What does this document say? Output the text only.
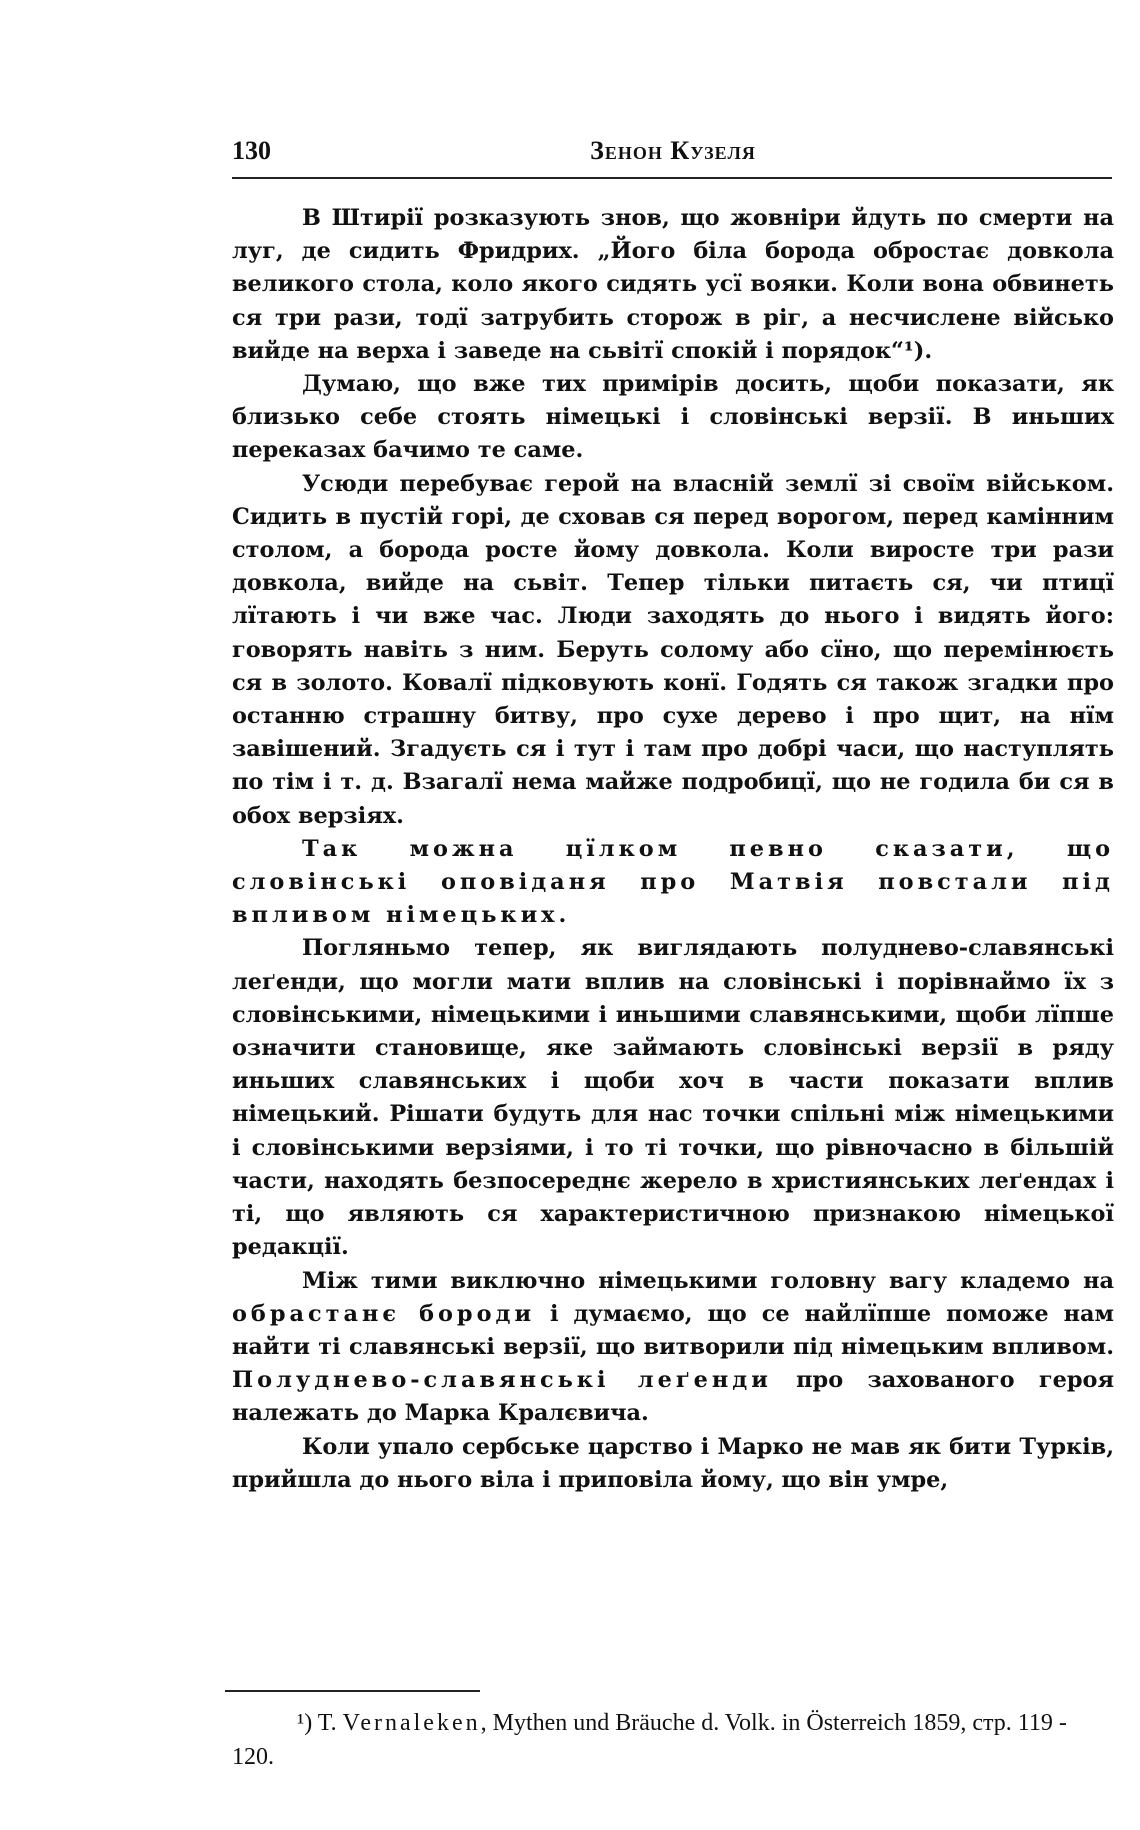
130	Зенон Кузеля

В Штирії розказують знов, що жовніри йдуть по смерти на луг, де сидить Фридрих. „Його біла борода обростає довкола великого стола, коло якого сидять усї вояки. Коли вона обвинеть ся три рази, тодї затрубить сторож в ріг, а несчислене військо вийде на верха і заведе на сьвітї спокій і порядок“¹).

Думаю, що вже тих примірів досить, щоби показати, як близько себе стоять німецькі і словінські верзії. В иньших переказах бачимо те саме.

Усюди перебуває герой на власній землї зі своїм військом. Сидить в пустій горі, де сховав ся перед ворогом, перед камінним столом, а борода росте йому довкола. Коли виросте три рази довкола, вийде на сьвіт. Тепер тільки питаєть ся, чи птицї лїтають і чи вже час. Люди заходять до нього і видять його: говорять навіть з ним. Беруть солому або сїно, що перемінюєть ся в золото. Ковалї підковують конї. Годять ся також згадки про останню страшну битву, про сухе дерево і про щит, на нїм завішений. Згадуєть ся і тут і там про добрі часи, що наступлять по тім і т. д. Взагалї нема майже подробицї, що не годила би ся в обох верзіях.

Так можна цїлком певно сказати, що словінські оповіданя про Матвія повстали під впливом німецьких.

Погляньмо тепер, як виглядають полуднево-славянські леґенди, що могли мати вплив на словінські і порівнаймо їх з словінськими, німецькими і иньшими славянськими, щоби лїпше означити становище, яке займають словінські верзії в ряду иньших славянських і щоби хоч в части показати вплив німецький. Рішати будуть для нас точки спільні між німецькими і словінськими верзіями, і то ті точки, що рівночасно в більшій части, находять безпосереднє жерело в християнських леґендах і ті, що являють ся характеристичною признакою німецької редакції.

Між тими виключно німецькими головну вагу кладемо на обрастанє бороди і думаємо, що се найлїпше поможе нам найти ті славянські верзії, що витворили під німецьким впливом. Полуднево-славянські леґенди про захованого героя належать до Марка Кралєвича.

Коли упало сербське царство і Марко не мав як бити Турків, прийшла до нього віла і приповіла йому, що він умре,

¹) T. Vernaleken, Mythen und Bräuche d. Volk. in Österreich 1859, стр. 119 - 120.
